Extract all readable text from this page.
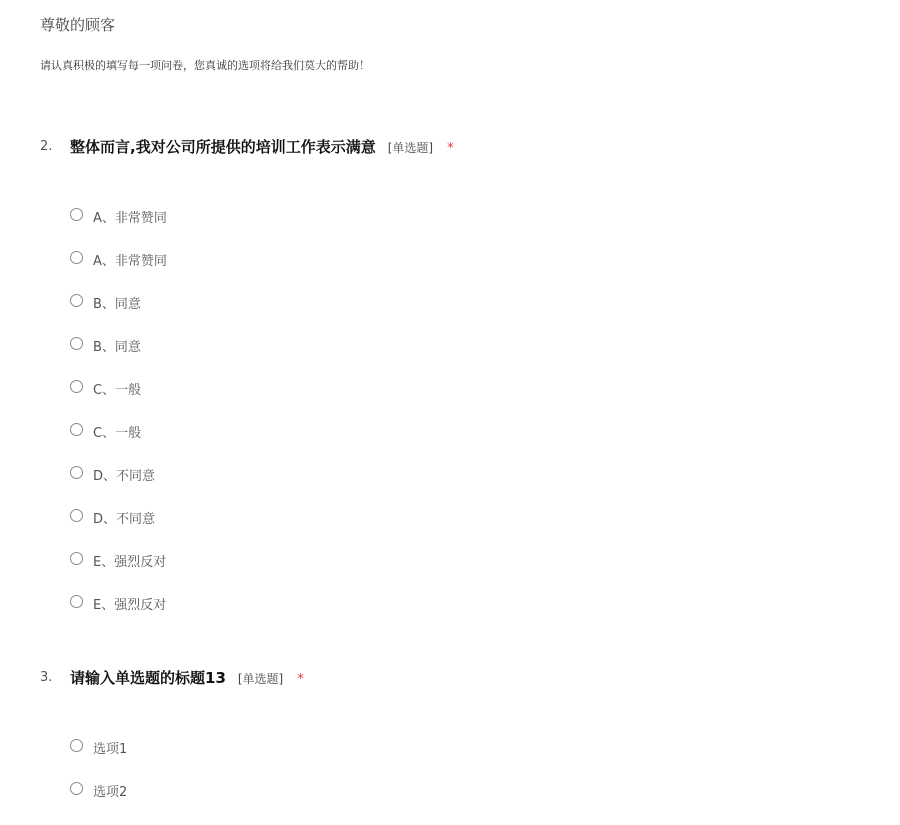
尊敬的顾客
请认真积极的填写每一项问卷，您真诚的选项将给我们莫大的帮助！
2. 整体而言,我对公司所提供的培训工作表示满意 [单选题] *
A、非常赞同
A、非常赞同
B、同意
B、同意
C、一般
C、一般
D、不同意
D、不同意
E、强烈反对
E、强烈反对
3. 请输入单选题的标题13 [单选题] *
选项1
选项2
